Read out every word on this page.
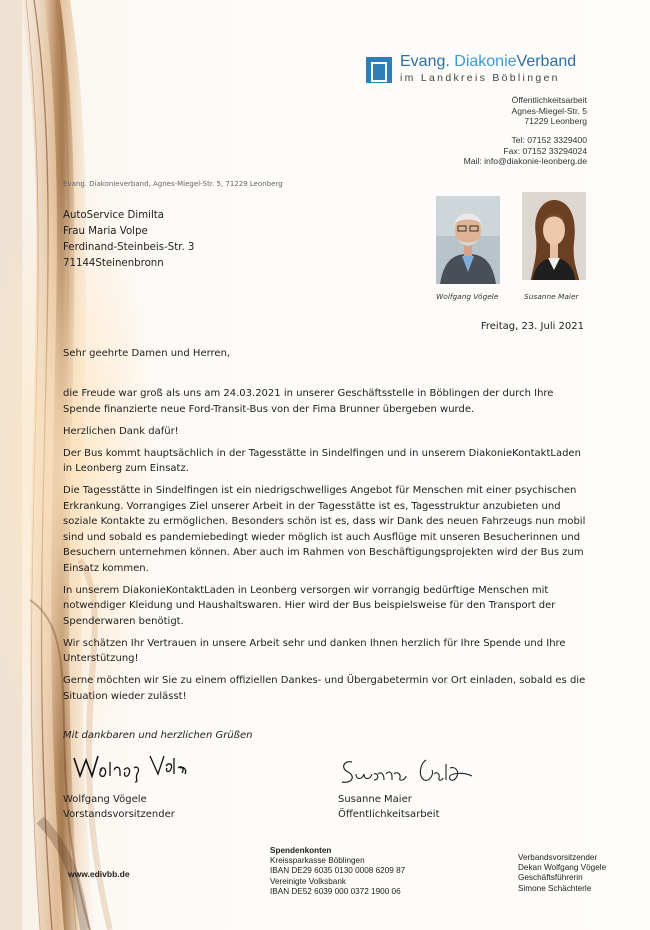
Evang. DiakonieVerband
im Landkreis Böblingen
Öffentlichkeitsarbeit
Agnes-Miegel-Str. 5
71229 Leonberg
Tel: 07152 3329400
Fax: 07152 33294024
Mail: info@diakonie-leonberg.de
Evang. Diakonieverband, Agnes-Miegel-Str. 5, 71229 Leonberg
AutoService Dimilta
Frau Maria Volpe
Ferdinand-Steinbeis-Str. 3
71144Steinenbronn
Wolfgang Vögele	Susanne Maier
Freitag, 23. Juli 2021
Sehr geehrte Damen und Herren,

die Freude war groß als uns am 24.03.2021 in unserer Geschäftsstelle in Böblingen der durch Ihre Spende finanzierte neue Ford-Transit-Bus von der Fima Brunner übergeben wurde.

Herzlichen Dank dafür!

Der Bus kommt hauptsächlich in der Tagesstätte in Sindelfingen und in unserem DiakonieKontaktLaden in Leonberg zum Einsatz.

Die Tagesstätte in Sindelfingen ist ein niedrigschwelliges Angebot für Menschen mit einer psychischen Erkrankung. Vorrangiges Ziel unserer Arbeit in der Tagesstätte ist es, Tagesstruktur anzubieten und soziale Kontakte zu ermöglichen. Besonders schön ist es, dass wir Dank des neuen Fahrzeugs nun mobil sind und sobald es pandemiebedingt wieder möglich ist auch Ausflüge mit unseren Besucherinnen und Besuchern unternehmen können. Aber auch im Rahmen von Beschäftigungsprojekten wird der Bus zum Einsatz kommen.

In unserem DiakonieKontaktLaden in Leonberg versorgen wir vorrangig bedürftige Menschen mit notwendiger Kleidung und Haushaltswaren. Hier wird der Bus beispielsweise für den Transport der Spenderwaren benötigt.

Wir schätzen Ihr Vertrauen in unsere Arbeit sehr und danken Ihnen herzlich für Ihre Spende und Ihre Unterstützung!

Gerne möchten wir Sie zu einem offiziellen Dankes- und Übergabetermin vor Ort einladen, sobald es die Situation wieder zulässt!

Mit dankbaren und herzlichen Grüßen
Wolfgang Vögele
Vorstandsvorsitzender
Susanne Maier
Öffentlichkeitsarbeit
www.edivbb.de
Spendenkonten
Kreissparkasse Böblingen
IBAN DE29 6035 0130 0008 6209 87
Vereinigte Volksbank
IBAN DE52 6039 000 0372 1900 06
Verbandsvorsitzender
Dekan Wolfgang Vögele
Geschäftsführerin
Simone Schächterle
